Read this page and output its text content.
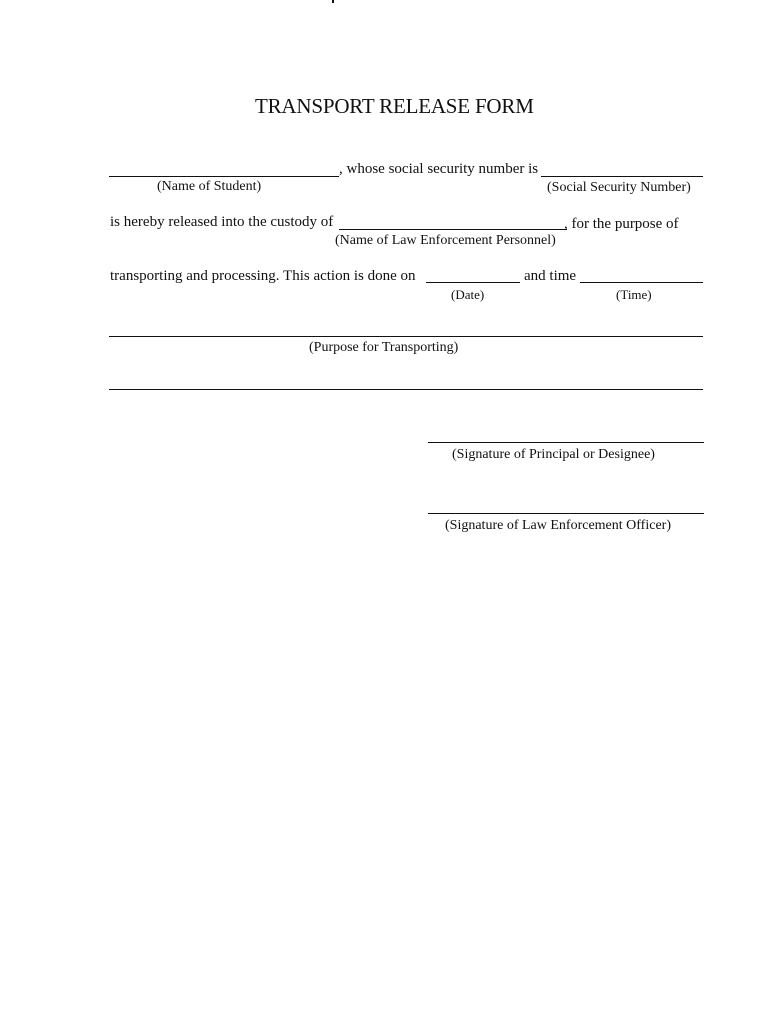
TRANSPORT RELEASE FORM
, whose social security number is
(Name of Student)	(Social Security Number)
is hereby released into the custody of	, for the purpose of
(Name of Law Enforcement Personnel)
transporting and processing. This action is done on	and time
(Date)	(Time)
(Purpose for Transporting)
(Signature of Principal or Designee)
(Signature of Law Enforcement Officer)
